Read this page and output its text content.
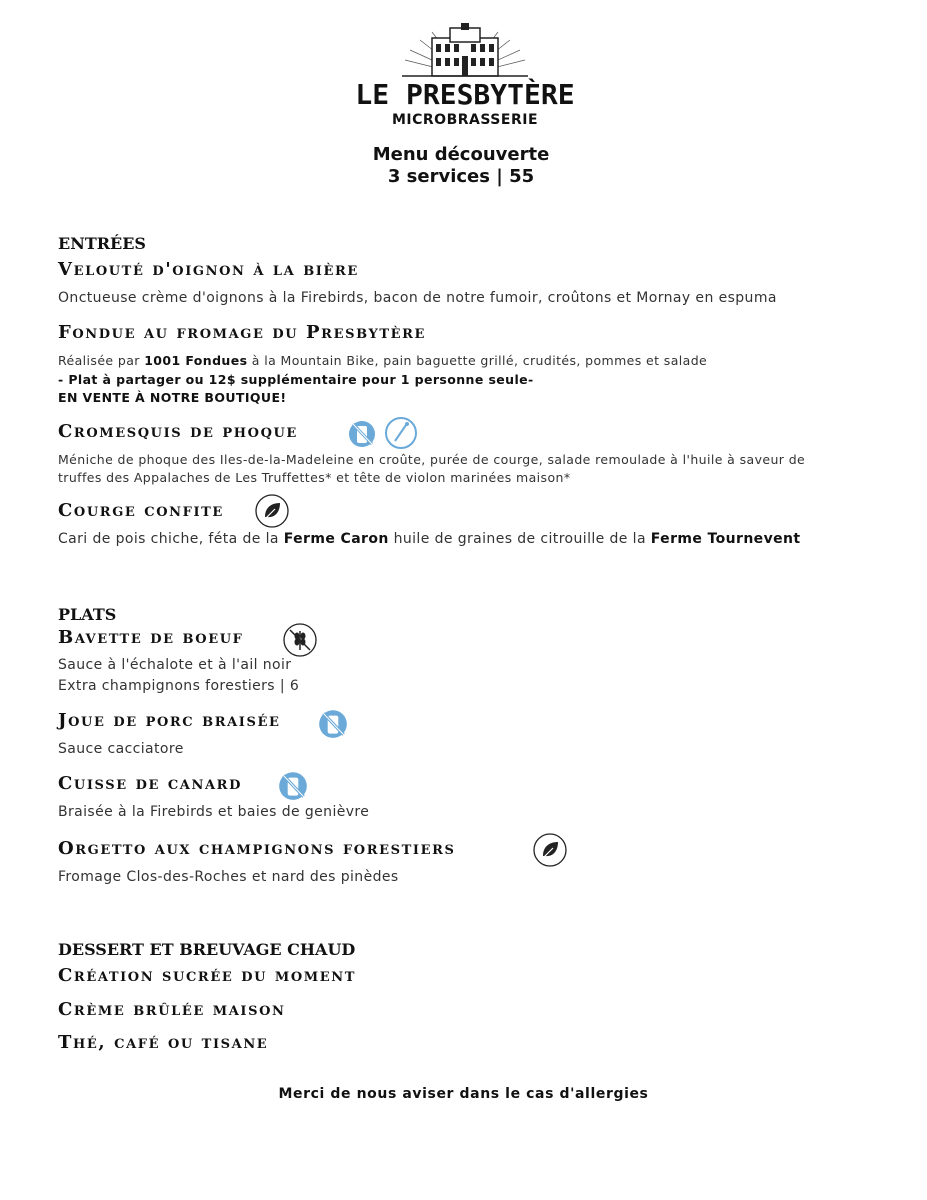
LE PRESBYTÈRE
MICROBRASSERIE
Menu découverte
3 services | 55
ENTRÉES
Velouté d'oignon à la bière
Onctueuse crème d'oignons à la Firebirds, bacon de notre fumoir, croûtons et Mornay en espuma
Fondue au fromage du Presbytère
Réalisée par 1001 Fondues à la Mountain Bike, pain baguette grillé, crudités, pommes et salade
- Plat à partager ou 12$ supplémentaire pour 1 personne seule-
EN VENTE À NOTRE BOUTIQUE!
Cromesquis de phoque
Méniche de phoque des Iles-de-la-Madeleine en croûte, purée de courge, salade remoulade à l'huile à saveur de
truffes des Appalaches de Les Truffettes* et tête de violon marinées maison*
Courge confite
Cari de pois chiche, féta de la Ferme Caron huile de graines de citrouille de la Ferme Tournevent
PLATS
Bavette de boeuf
Sauce à l'échalote et à l'ail noir
Extra champignons forestiers | 6
Joue de porc braisée
Sauce cacciatore
Cuisse de canard
Braisée à la Firebirds et baies de genièvre
Orgetto aux champignons forestiers
Fromage Clos-des-Roches et nard des pinèdes
DESSERT ET BREUVAGE CHAUD
Création sucrée du moment
Crème brûlée maison
Thé, café ou tisane
Merci de nous aviser dans le cas d'allergies
